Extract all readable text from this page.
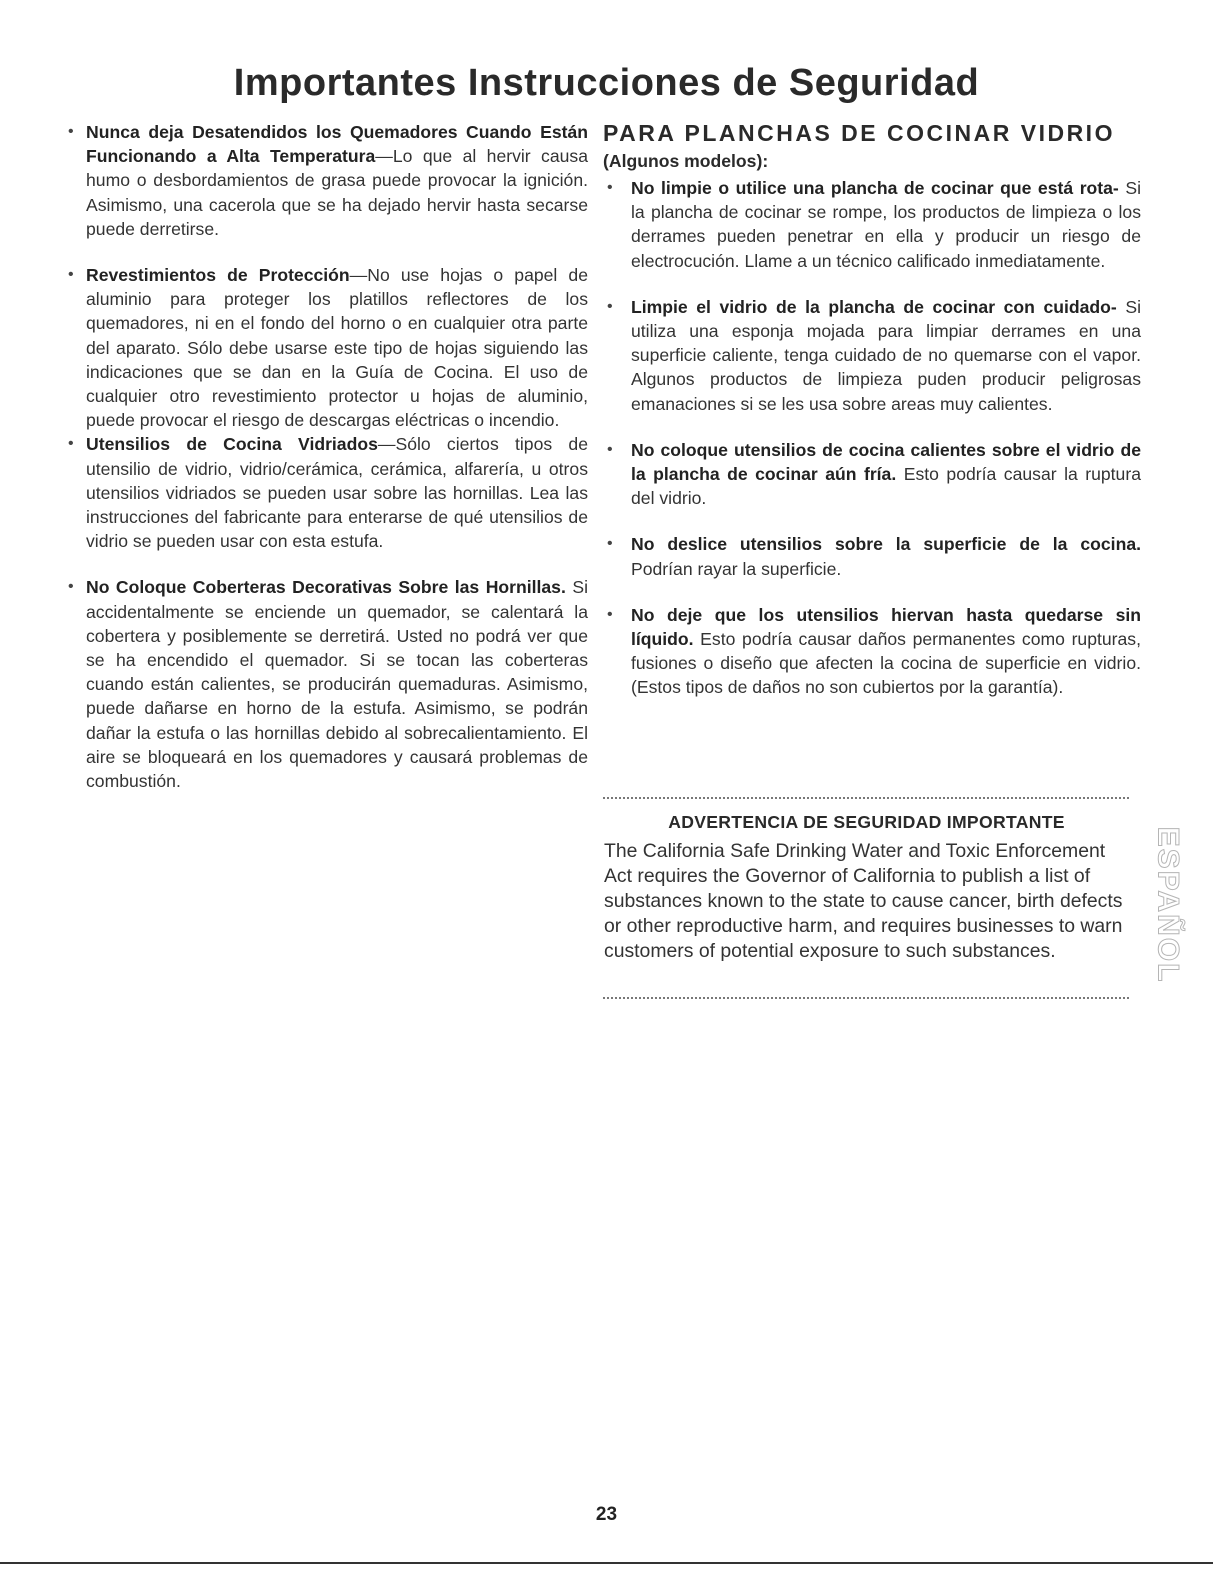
Importantes Instrucciones de Seguridad
• Nunca deja Desatendidos los Quemadores Cuando Están Funcionando a Alta Temperatura—Lo que al hervir causa humo o desbordamientos de grasa puede provocar la ignición. Asimismo, una cacerola que se ha dejado hervir hasta secarse puede derretirse.
• Revestimientos de Protección—No use hojas o papel de aluminio para proteger los platillos reflectores de los quemadores, ni en el fondo del horno o en cualquier otra parte del aparato. Sólo debe usarse este tipo de hojas siguiendo las indicaciones que se dan en la Guía de Cocina. El uso de cualquier otro revestimiento protector u hojas de aluminio, puede provocar el riesgo de descargas eléctricas o incendio.
• Utensilios de Cocina Vidriados—Sólo ciertos tipos de utensilio de vidrio, vidrio/cerámica, cerámica, alfarería, u otros utensilios vidriados se pueden usar sobre las hornillas. Lea las instrucciones del fabricante para enterarse de qué utensilios de vidrio se pueden usar con esta estufa.
• No Coloque Coberteras Decorativas Sobre las Hornillas. Si accidentalmente se enciende un quemador, se calentará la cobertera y posiblemente se derretirá. Usted no podrá ver que se ha encendido el quemador. Si se tocan las coberteras cuando están calientes, se producirán quemaduras. Asimismo, puede dañarse en horno de la estufa. Asimismo, se podrán dañar la estufa o las hornillas debido al sobrecalientamiento. El aire se bloqueará en los quemadores y causará problemas de combustión.
PARA PLANCHAS DE COCINAR VIDRIO

(Algunos modelos):

• No limpie o utilice una plancha de cocinar que está rota- Si la plancha de cocinar se rompe, los productos de limpieza o los derrames pueden penetrar en ella y producir un riesgo de electrocución. Llame a un técnico calificado inmediatamente.
• Limpie el vidrio de la plancha de cocinar con cuidado- Si utiliza una esponja mojada para limpiar derrames en una superficie caliente, tenga cuidado de no quemarse con el vapor. Algunos productos de limpieza puden producir peligrosas emanaciones si se les usa sobre areas muy calientes.
• No coloque utensilios de cocina calientes sobre el vidrio de la plancha de cocinar aún fría. Esto podría causar la ruptura del vidrio.
• No deslice utensilios sobre la superficie de la cocina. Podrían rayar la superficie.
• No deje que los utensilios hiervan hasta quedarse sin líquido. Esto podría causar daños permanentes como rupturas, fusiones o diseño que afecten la cocina de superficie en vidrio. (Estos tipos de daños no son cubiertos por la garantía).

ADVERTENCIA DE SEGURIDAD IMPORTANTE

The California Safe Drinking Water and Toxic Enforcement Act requires the Governor of California to publish a list of substances known to the state to cause cancer, birth defects or other reproductive harm, and requires businesses to warn customers of potential exposure to such substances.	ESPAÑOL

23
